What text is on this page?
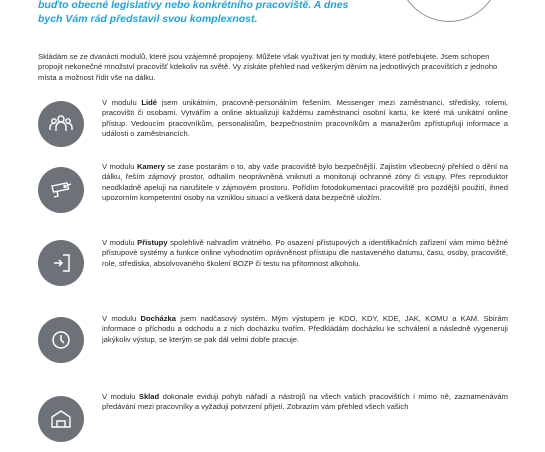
buďto obecné legislativy nebo konkrétního pracoviště. A dnes bych Vám rád představil svou komplexnost.
Skládám se ze dvanácti modulů, které jsou vzájemně propojeny. Můžete však využívat jen ty moduly, které potřebujete. Jsem schopen propojit nekonečné množství pracovišť kdekoliv na světě. Vy získáte přehled nad veškerým děním na jednotlivých pracovištích z jednoho místa a možnost řídit vše na dálku.
V modulu Lidé jsem unikátním, pracovně-personálním řešením. Messenger mezi zaměstnanci, středisky, rolemi, pracovišti či osobami. Vytvářím a online aktualizuji každému zaměstnanci osobní kartu, ke které má unikátní online přístup. Vedoucím pracovníkům, personalistům, bezpečnostním pracovníkům a manažerům zpřístupňuji informace a události o zaměstnancích.
V modulu Kamery se zase postarám o to, aby vaše pracoviště bylo bezpečnější. Zajistím všeobecný přehled o dění na dálku, řeším zájmový prostor, odhalím neoprávněná vniknutí a monitoruji ochranné zóny či vstupy. Přes reproduktor neodkladně apeluji na narušitele v zájmovém prostoru. Pořídím fotodokumentaci pracoviště pro pozdější použití, ihned upozorním kompetentní osoby na vzniklou situaci a veškerá data bezpečně uložím.
V modulu Přístupy spolehlivě nahradím vrátného. Po osazení přístupových a identifikačních zařízení vám mimo běžné přístupové systémy a funkce online vyhodnotím oprávněnost přístupu dle nastaveného datumu, času, osoby, pracoviště, role, střediska, absolvovaného školení BOZP či testu na přítomnost alkoholu.
V modulu Docházka jsem nadčasový systém. Mým výstupem je KDO, KDY, KDE, JAK, KOMU a KAM. Sbírám informace o příchodu a odchodu a z nich docházku tvořím. Předkládám docházku ke schválení a následně vygeneruji jakýkoliv výstup, se kterým se pak dál velmi dobře pracuje.
V modulu Sklad dokonale eviduji pohyb nářadí a nástrojů na všech vašich pracovištích i mimo ně, zaznamenávám předávání mezi pracovníky a vyžaduji potvrzení přijetí. Zobrazím vám přehled všech vašich
